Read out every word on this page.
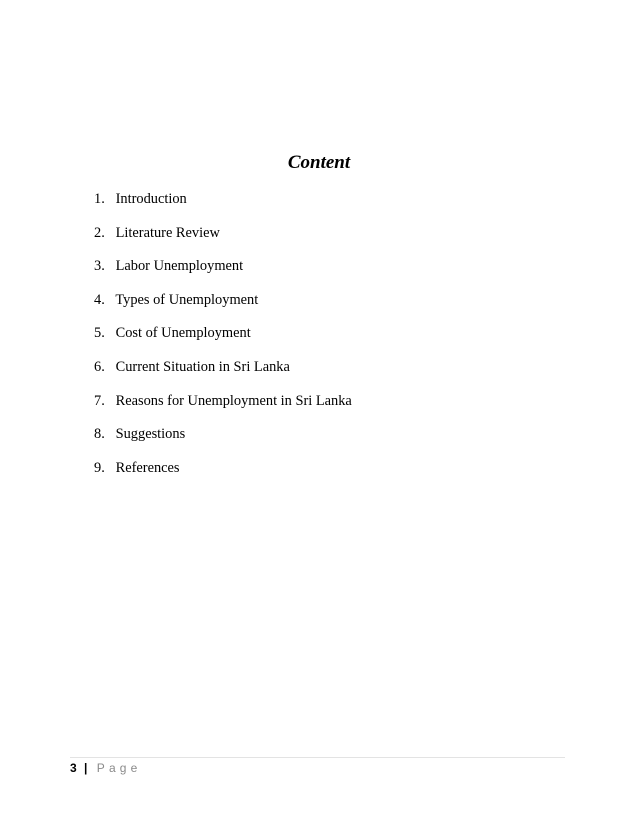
Content
1. Introduction
2. Literature Review
3. Labor Unemployment
4. Types of Unemployment
5. Cost of Unemployment
6. Current Situation in Sri Lanka
7. Reasons for Unemployment in Sri Lanka
8. Suggestions
9. References
3 | Page
